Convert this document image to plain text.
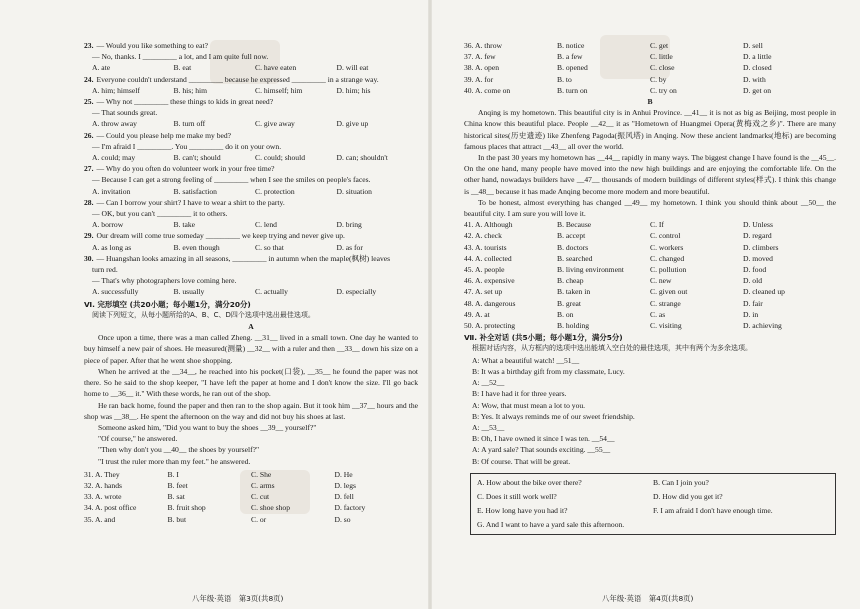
23. — Would you like something to eat?

— No, thanks. I _________ a lot, and I am quite full now.

A. ate	B. eat	C. have eaten	D. will eat

24. Everyone couldn't understand _________ because he expressed _________ in a strange way.

A. him; himself	B. his; him	C. himself; him	D. him; his

25. — Why not _________ these things to kids in great need?

— That sounds great.

A. throw away	B. turn off	C. give away	D. give up

26. — Could you please help me make my bed?

— I'm afraid I _________. You _________ do it on your own.

A. could; may	B. can't; should	C. could; should	D. can; shouldn't

27. — Why do you often do volunteer work in your free time?

— Because I can get a strong feeling of _________ when I see the smiles on people's faces.

A. invitation	B. satisfaction	C. protection	D. situation

28. — Can I borrow your shirt? I have to wear a shirt to the party.

— OK, but you can't _________ it to others.

A. borrow	B. take	C. lend	D. bring

29. Our dream will come true someday _________ we keep trying and never give up.

A. as long as	B. even though	C. so that	D. as for

30. — Huangshan looks amazing in all seasons, _________ in autumn when the maple(枫树) leaves

turn red.

— That's why photographers love coming here.

A. successfully	B. usually	C. actually	D. especially

Ⅵ. 完形填空 (共20小题；每小题1分，满分20分)

阅读下列短文，从每小题所给的A、B、C、D四个选项中选出最佳选项。

A

Once upon a time, there was a man called Zheng. __31__ lived in a small town. One day he wanted to buy himself a new pair of shoes. He measured(测量) __32__ with a ruler and then __33__ down his size on a piece of paper. After that he went shoe shopping.

When he arrived at the __34__, he reached into his pocket(口袋), __35__ he found the paper was not there. So he said to the shop keeper, "I have left the paper at home and I don't know the size. I'll go back home to __36__ it." With these words, he ran out of the shop.

He ran back home, found the paper and then ran to the shop again. But it took him __37__ hours and the shop was __38__. He spent the afternoon on the way and did not buy his shoes at last.

Someone asked him, "Did you want to buy the shoes __39__ yourself?"

"Of course," he answered.

"Then why don't you __40__ the shoes by yourself?"

"I trust the ruler more than my feet." he answered.

31. A. They	B. I	C. She	D. He
32. A. hands	B. feet	C. arms	D. legs
33. A. wrote	B. sat	C. cut	D. fell
34. A. post office	B. fruit shop	C. shoe shop	D. factory
35. A. and	B. but	C. or	D. so
八年级·英语　第3页(共8页)
36. A. throw	B. notice	C. get	D. sell
37. A. few	B. a few	C. little	D. a little
38. A. open	B. opened	C. close	D. closed
39. A. for	B. to	C. by	D. with
40. A. come on	B. turn on	C. try on	D. get on

B

Anqing is my hometown. This beautiful city is in Anhui Province. __41__ it is not as big as Beijing, most people in China know this beautiful place. People __42__ it as "Hometown of Huangmei Opera(黄梅戏之乡)". There are many historical sites(历史遗迹) like Zhenfeng Pagoda(振风塔) in Anqing. Now these ancient landmarks(地标) are becoming famous places that attract __43__ all over the world.

In the past 30 years my hometown has __44__ rapidly in many ways. The biggest change I have found is the __45__. On the one hand, many people have moved into the new high buildings and are enjoying the comfortable life. On the other hand, nowadays builders have __47__ thousands of modern buildings of different styles(样式). I think this change is __48__ because it has made Anqing become more modern and more beautiful.

To be honest, almost everything has changed __49__ my hometown. I think you should think about __50__ the beautiful city. I am sure you will love it.

41. A. Although	B. Because	C. If	D. Unless
42. A. check	B. accept	C. control	D. regard
43. A. tourists	B. doctors	C. workers	D. climbers
44. A. collected	B. searched	C. changed	D. moved
45. A. people	B. living environment	C. pollution	D. food
46. A. expensive	B. cheap	C. new	D. old
47. A. set up	B. taken in	C. given out	D. cleaned up
48. A. dangerous	B. great	C. strange	D. fair
49. A. at	B. on	C. as	D. in
50. A. protecting	B. holding	C. visiting	D. achieving

Ⅶ. 补全对话 (共5小题；每小题1分，满分5分)

根据对话内容，从方框内的选项中选出能填入空白处的最佳选项，其中有两个为多余选项。

A: What a beautiful watch! __51__

B: It was a birthday gift from my classmate, Lucy.

A: __52__

B: I have had it for three years.

A: Wow, that must mean a lot to you.

B: Yes. It always reminds me of our sweet friendship.

A: __53__

B: Oh, I have owned it since I was ten. __54__

A: A yard sale? That sounds exciting. __55__

B: Of course. That will be great.

A. How about the bike over there?	B. Can I join you?
C. Does it still work well?	D. How did you get it?
E. How long have you had it?	F. I am afraid I don't have enough time.
G. And I want to have a yard sale this afternoon.
八年级·英语　第4页(共8页)
